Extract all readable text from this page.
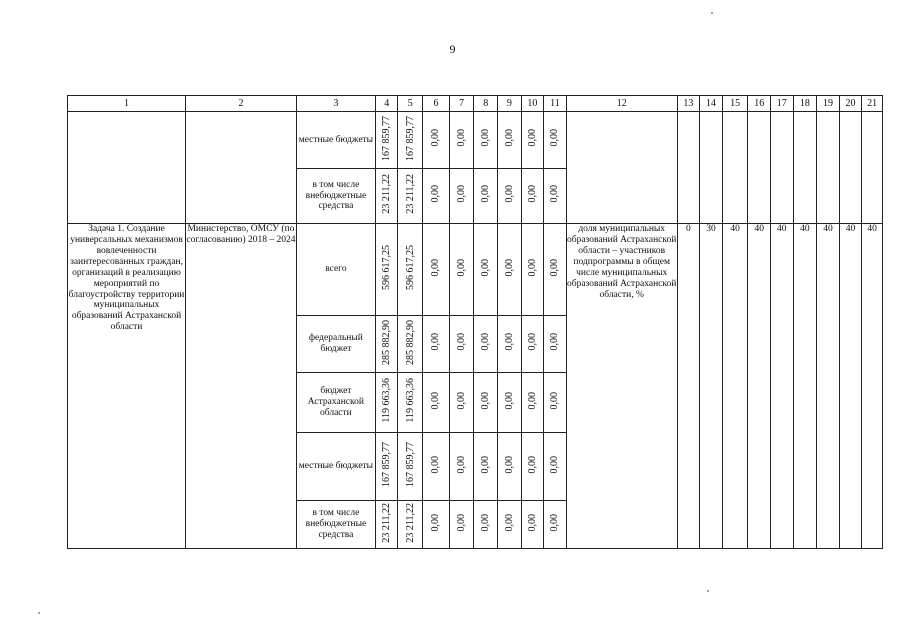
9
1	2	3	4	5	6	7	8	9	10	11	12	13	14	15	16	17	18	19	20	21
		местные бюджеты	167 859,77	167 859,77	0,00	0,00	0,00	0,00	0,00	0,00										
		в том числе внебюджетные средства	23 211,22	23 211,22	0,00	0,00	0,00	0,00	0,00	0,00										
Задача 1. Создание универсальных механизмов вовлеченности заинтересованных граждан, организаций в реализацию мероприятий по благоустройству территории муниципальных образований Астраханской области	Министерство, ОМСУ (по согласованию) 2018 – 2024	всего	596 617,25	596 617,25	0,00	0,00	0,00	0,00	0,00	0,00	доля муниципальных образований Астраханской области – участников подпрограммы в общем числе муниципальных образований Астраханской области, %	0	30	40	40	40	40	40	40	40
		федеральный бюджет	285 882,90	285 882,90	0,00	0,00	0,00	0,00	0,00	0,00										
		бюджет Астраханской области	119 663,36	119 663,36	0,00	0,00	0,00	0,00	0,00	0,00										
		местные бюджеты	167 859,77	167 859,77	0,00	0,00	0,00	0,00	0,00	0,00										
		в том числе внебюджетные средства	23 211,22	23 211,22	0,00	0,00	0,00	0,00	0,00	0,00										
